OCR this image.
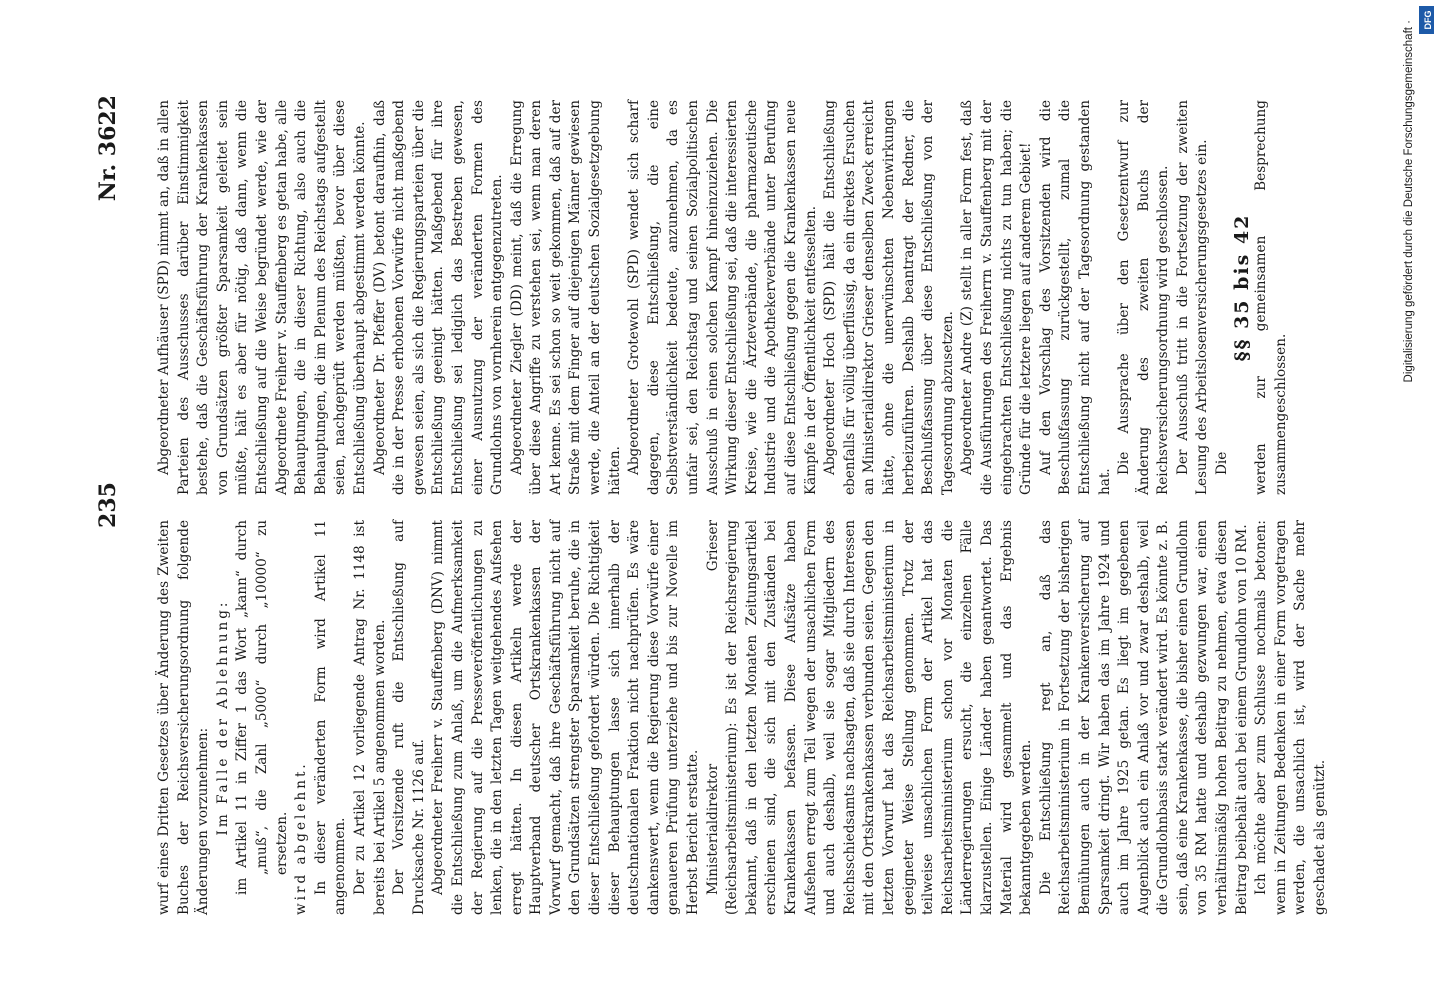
235
Nr. 3622

wurf eines Dritten Gesetzes über Änderung des Zweiten Buches der Reichsversicherungsordnung folgende Änderungen vorzunehmen: Im Falle der Ablehnung: im Artikel 11 in Ziffer 1 das Wort „kann“ durch „muß“, die Zahl „5000“ durch „10000“ zu ersetzen. wird abgelehnt. In dieser veränderten Form wird Artikel 11 angenommen. Der zu Artikel 12 vorliegende Antrag Nr. 1148 ist bereits bei Artikel 5 angenommen worden. Der Vorsitzende ruft die Entschließung auf Drucksache Nr. 1126 auf. Abgeordneter Freiherr v. Stauffenberg (DNV) nimmt die Entschließung zum Anlaß, um die Aufmerksamkeit der Regierung auf die Presseveröffentlichungen zu lenken, die in den letzten Tagen weitgehendes Aufsehen erregt hätten. In diesen Artikeln werde der Hauptverband deutscher Ortskrankenkassen der Vorwurf gemacht, daß ihre Geschäftsführung nicht auf den Grundsätzen strengster Sparsamkeit beruhe, die in dieser Entschließung gefordert würden. Die Richtigkeit dieser Behauptungen lasse sich innerhalb der deutschnationalen Fraktion nicht nachprüfen. Es wäre dankenswert, wenn die Regierung diese Vorwürfe einer genaueren Prüfung unterziehe und bis zur Novelle im Herbst Bericht erstatte. Ministerialdirektor Grieser (Reichsarbeitsministerium): Es ist der Reichsregierung bekannt, daß in den letzten Monaten Zeitungsartikel erschienen sind, die sich mit den Zuständen bei Krankenkassen befassen. Diese Aufsätze haben Aufsehen erregt zum Teil wegen der unsachlichen Form und auch deshalb, weil sie sogar Mitgliedern des Reichsschiedsamts nachsagten, daß sie durch Interessen mit den Ortskrankenkassen verbunden seien. Gegen den letzten Vorwurf hat das Reichsarbeitsministerium in geeigneter Weise Stellung genommen. Trotz der teilweise unsachlichen Form der Artikel hat das Reichsarbeitsministerium schon vor Monaten die Länderregierungen ersucht, die einzelnen Fälle klarzustellen. Einige Länder haben geantwortet. Das Material wird gesammelt und das Ergebnis bekanntgegeben werden. Die Entschließung regt an, daß das Reichsarbeitsministerium in Fortsetzung der bisherigen Bemühungen auch in der Krankenversicherung auf Sparsamkeit dringt. Wir haben das im Jahre 1924 und auch im Jahre 1925 getan. Es liegt im gegebenen Augenblick auch ein Anlaß vor und zwar deshalb, weil die Grundlohnbasis stark verändert wird. Es könnte z. B. sein, daß eine Krankenkasse, die bisher einen Grundlohn von 35 RM hatte und deshalb gezwungen war, einen verhältnismäßig hohen Beitrag zu nehmen, etwa diesen Beitrag beibehält auch bei einem Grundlohn von 10 RM. Ich möchte aber zum Schlusse nochmals betonen: wenn in Zeitungen Bedenken in einer Form vorgetragen werden, die unsachlich ist, wird der Sache mehr geschadet als genützt.

Abgeordneter Aufhäuser (SPD) nimmt an, daß in allen Parteien des Ausschusses darüber Einstimmigkeit bestehe, daß die Geschäftsführung der Krankenkassen von Grundsätzen größter Sparsamkeit geleitet sein müßte, hält es aber für nötig, daß dann, wenn die Entschließung auf die Weise begründet werde, wie der Abgeordnete Freiherr v. Stauffenberg es getan habe, alle Behauptungen, die in dieser Richtung, also auch die Behauptungen, die im Plenum des Reichstags aufgestellt seien, nachgeprüft werden müßten, bevor über diese Entschließung überhaupt abgestimmt werden könnte. Abgeordneter Dr. Pfeffer (DV) betont daraufhin, daß die in der Presse erhobenen Vorwürfe nicht maßgebend gewesen seien, als sich die Regierungsparteien über die Entschließung geeinigt hätten. Maßgebend für ihre Entschließung sei lediglich das Bestreben gewesen, einer Ausnutzung der veränderten Formen des Grundlohns von vornherein entgegenzutreten. Abgeordneter Ziegler (DD) meint, daß die Erregung über diese Angriffe zu verstehen sei, wenn man deren Art kenne. Es sei schon so weit gekommen, daß auf der Straße mit dem Finger auf diejenigen Männer gewiesen werde, die Anteil an der deutschen Sozialgesetzgebung hätten. Abgeordneter Grotewohl (SPD) wendet sich scharf dagegen, diese Entschließung, die eine Selbstverständlichkeit bedeute, anzunehmen, da es unfair sei, den Reichstag und seinen Sozialpolitischen Ausschuß in einen solchen Kampf hineinzuziehen. Die Wirkung dieser Entschließung sei, daß die interessierten Kreise, wie die Ärzteverbände, die pharmazeutische Industrie und die Apothekerverbände unter Berufung auf diese Entschließung gegen die Krankenkassen neue Kämpfe in der Öffentlichkeit entfesselten. Abgeordneter Hoch (SPD) hält die Entschließung ebenfalls für völlig überflüssig, da ein direktes Ersuchen an Ministerialdirektor Grieser denselben Zweck erreicht hätte, ohne die unerwünschten Nebenwirkungen herbeizuführen. Deshalb beantragt der Redner, die Beschlußfassung über diese Entschließung von der Tagesordnung abzusetzen. Abgeordneter Andre (Z) stellt in aller Form fest, daß die Ausführungen des Freiherrn v. Stauffenberg mit der eingebrachten Entschließung nichts zu tun haben; die Gründe für die letztere liegen auf anderem Gebiet! Auf den Vorschlag des Vorsitzenden wird die Beschlußfassung zurückgestellt, zumal die Entschließung nicht auf der Tagesordnung gestanden hat.

Die Aussprache über den Gesetzentwurf zur Änderung des zweiten Buchs der Reichsversicherungsordnung wird geschlossen. Der Ausschuß tritt in die Fortsetzung der zweiten Lesung des Arbeitslosenversicherungsgesetzes ein. Die

§§ 35 bis 42 werden zur gemeinsamen Besprechung zusammengeschlossen.

DFG
Digitalisierung gefördert durch die Deutsche Forschungsgemeinschaft ·
